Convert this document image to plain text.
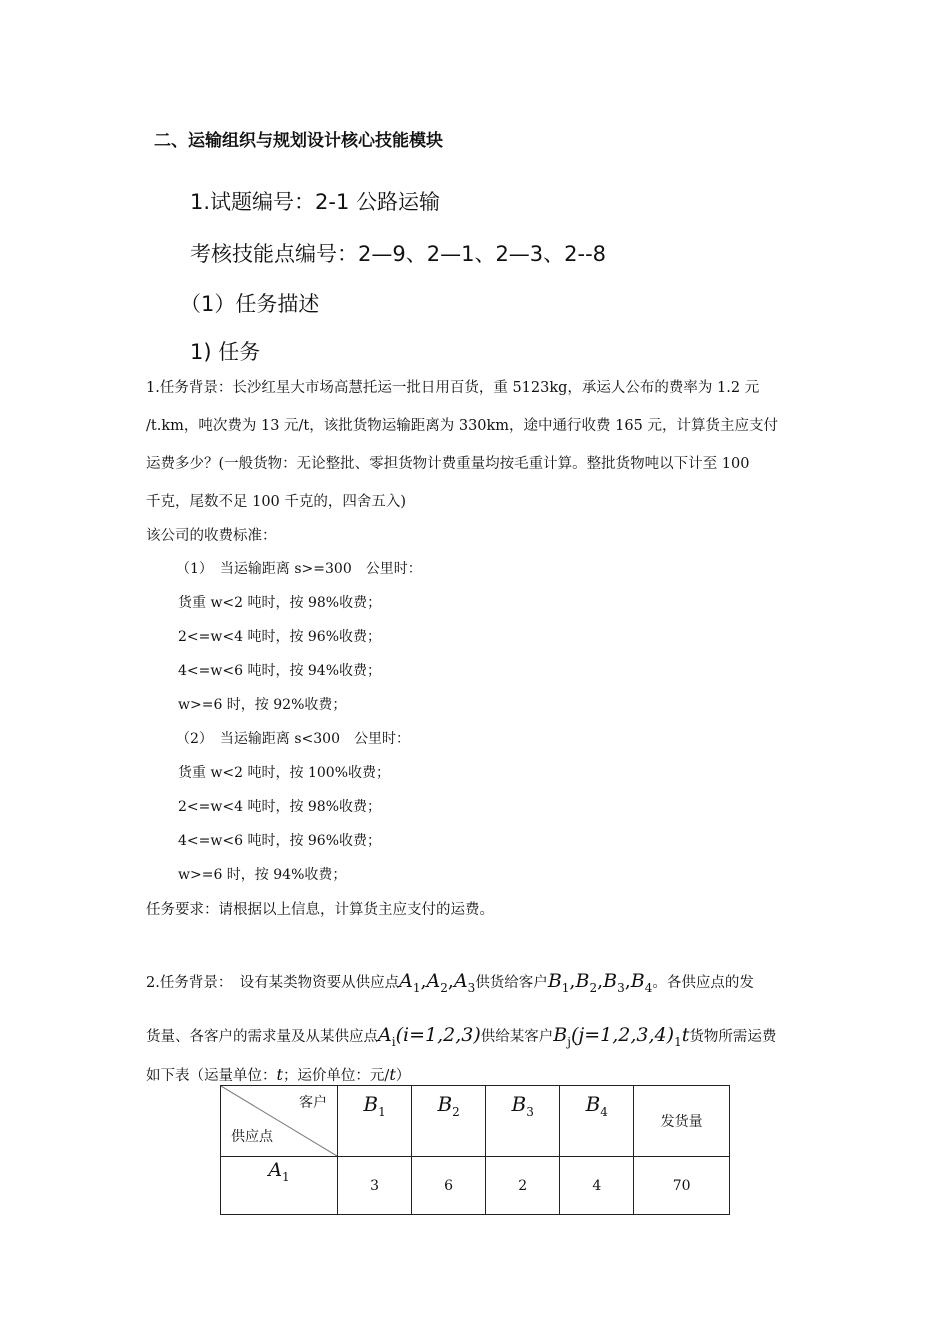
二、运输组织与规划设计核心技能模块
1.试题编号：2-1 公路运输
考核技能点编号：2—9、2—1、2—3、2--8
（1）任务描述
1) 任务
1.任务背景：长沙红星大市场高慧托运一批日用百货，重 5123kg，承运人公布的费率为 1.2 元
/t.km，吨次费为 13 元/t，该批货物运输距离为 330km，途中通行收费 165 元，计算货主应支付
运费多少？(一般货物：无论整批、零担货物计费重量均按毛重计算。整批货物吨以下计至 100
千克，尾数不足 100 千克的，四舍五入)
该公司的收费标准：
（1）　当运输距离 s>=300　公里时：
货重 w<2 吨时，按 98%收费；
2<=w<4 吨时，按 96%收费；
4<=w<6 吨时，按 94%收费；
w>=6 时，按 92%收费；
（2）　当运输距离 s<300　公里时：
货重 w<2 吨时，按 100%收费；
2<=w<4 吨时，按 98%收费；
4<=w<6 吨时，按 96%收费；
w>=6 时，按 94%收费；
任务要求：请根据以上信息，计算货主应支付的运费。
2.任务背景：　设有某类物资要从供应点$A_1,A_2,A_3$供货给客户$B_1,B_2,B_3,B_4$。各供应点的发
货量、各客户的需求量及从某供应点$A_i(i=1,2,3)$供给某客户$B_j(j=1,2,3,4)_1t$货物所需运费
如下表（运量单位：t；运价单位：元/t）
客户
供应点	$B_1$	$B_2$	$B_3$	$B_4$	发货量
$A_1$	3	6	2	4	70
